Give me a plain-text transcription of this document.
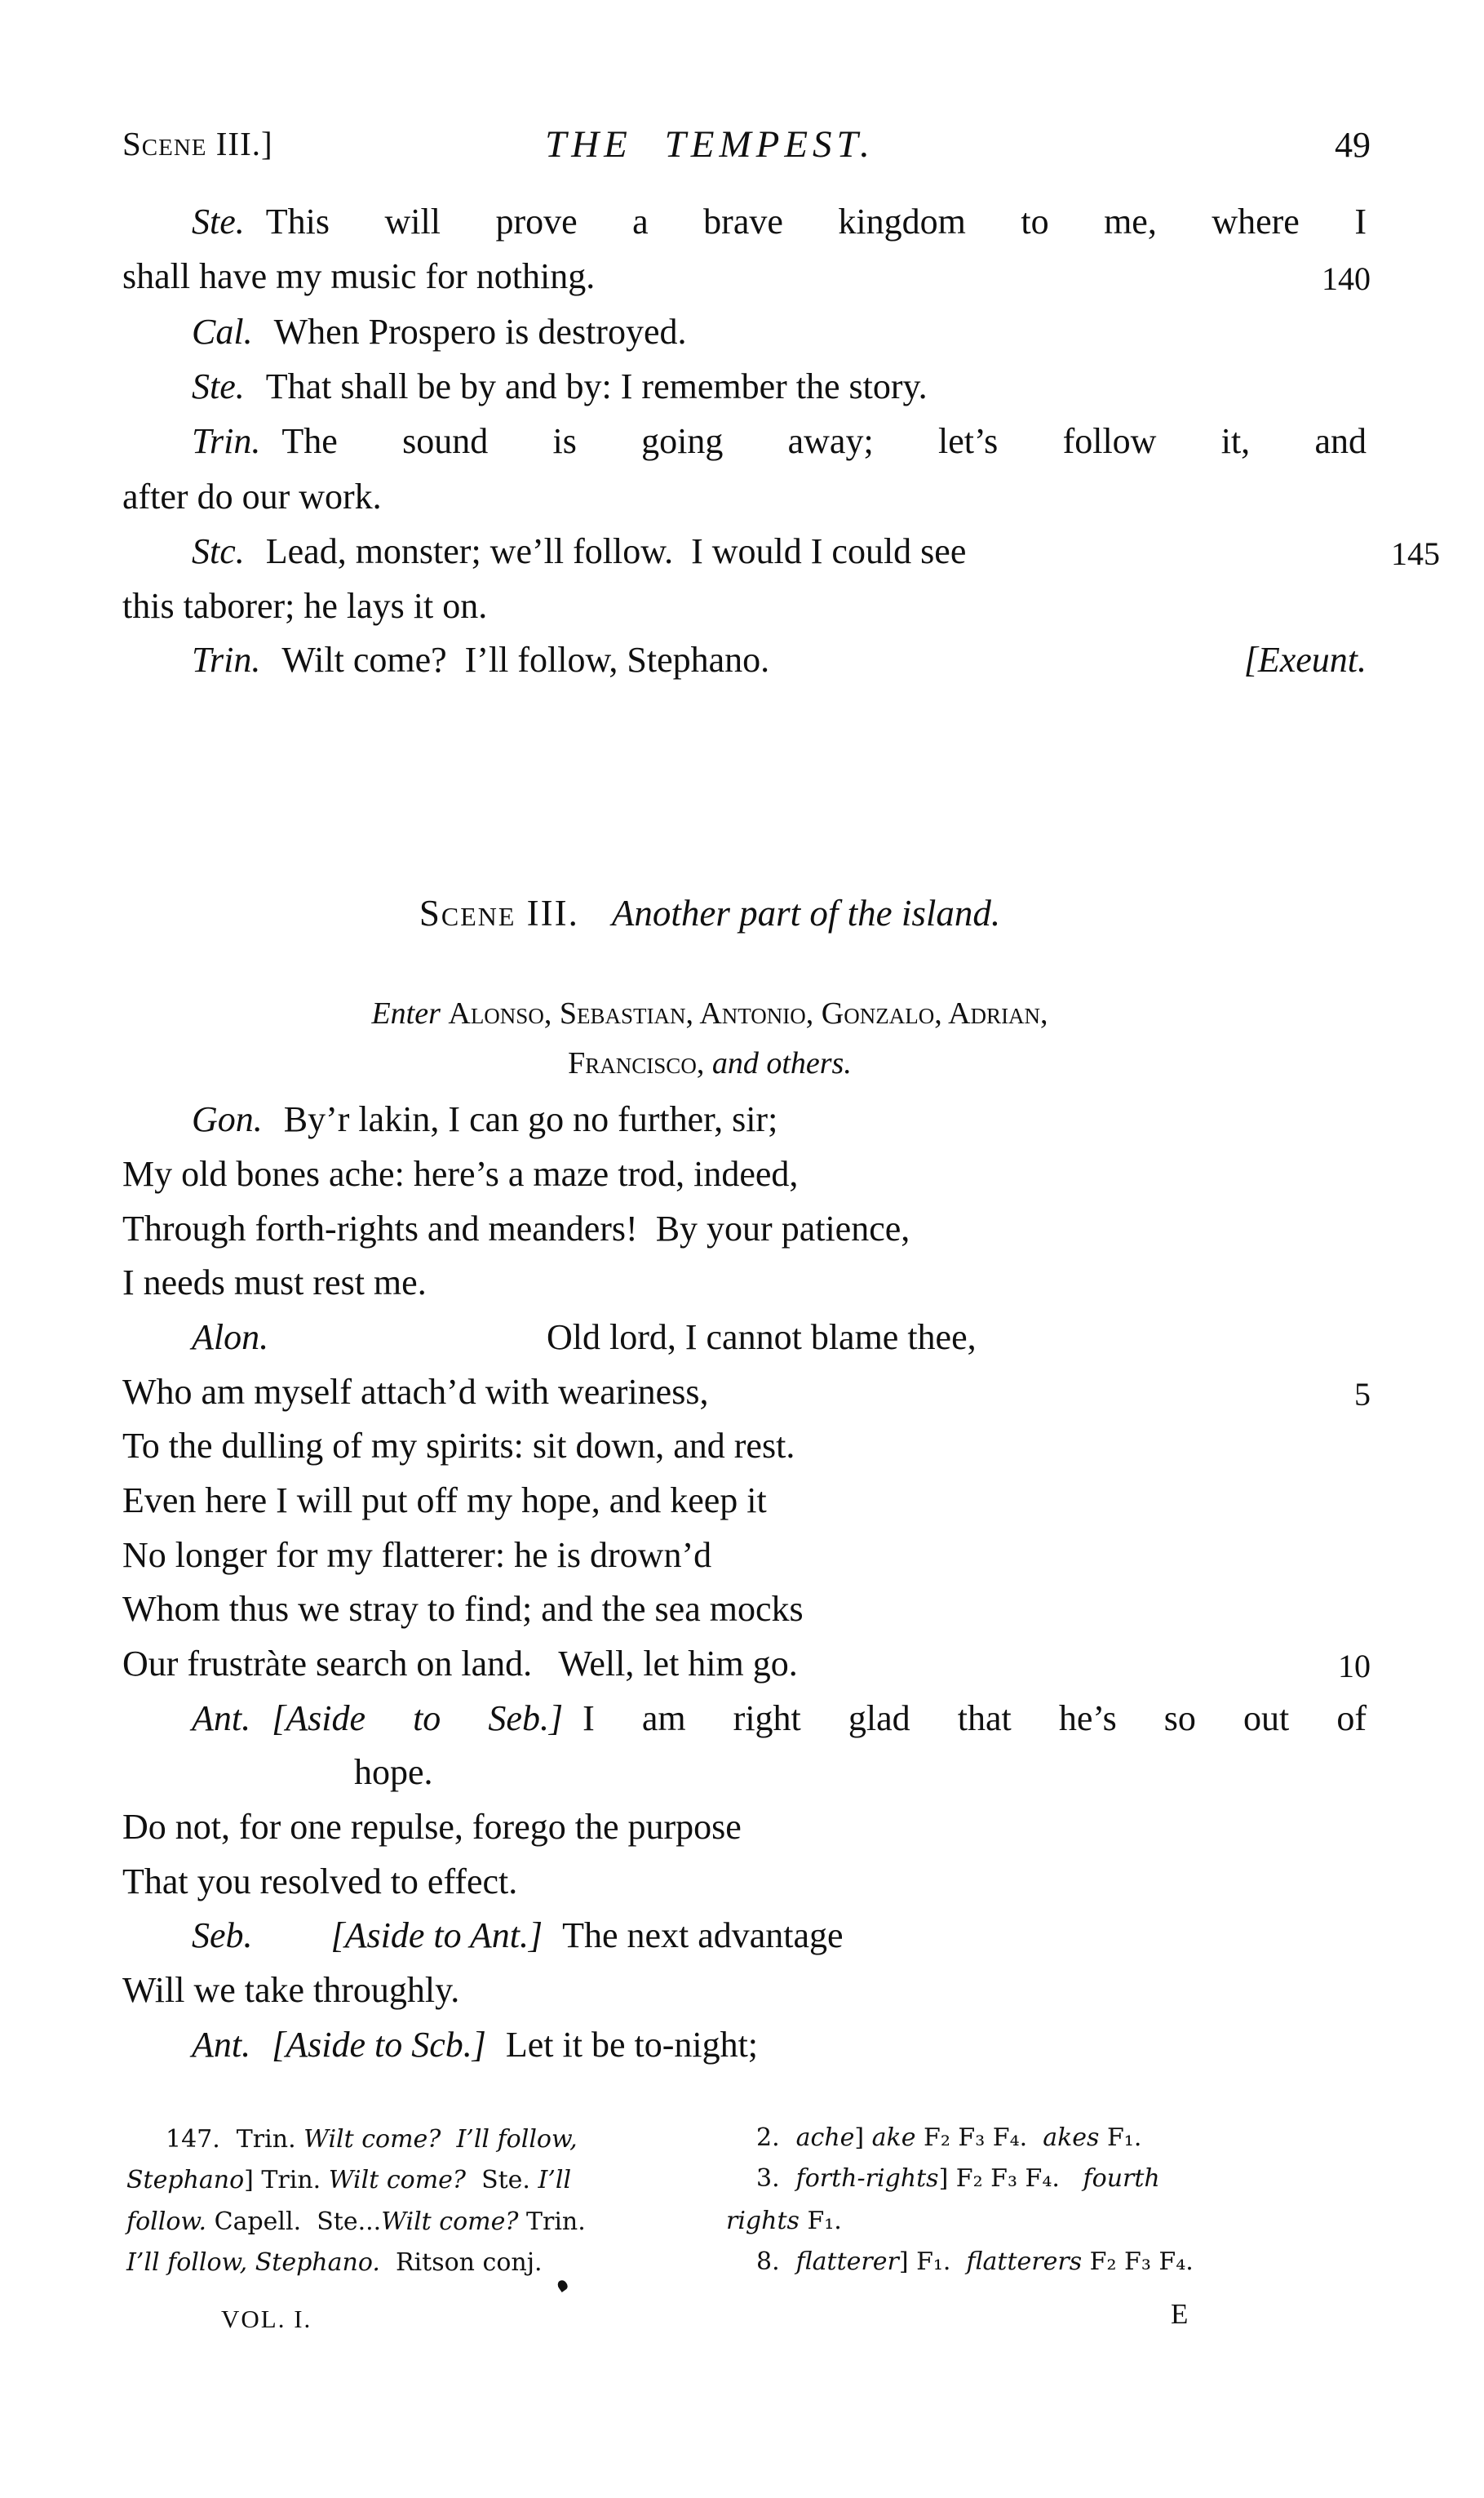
Scene III.]	THE TEMPEST.	49
Ste. This will prove a brave kingdom to me, where I
shall have my music for nothing.	140
Cal. When Prospero is destroyed.
Ste. That shall be by and by: I remember the story.
Trin. The sound is going away; let’s follow it, and
after do our work.
Stc. Lead, monster; we’ll follow.  I would I could see	145
this taborer; he lays it on.
Trin. Wilt come?  I’ll follow, Stephano.	[Exeunt.
Scene III. Another part of the island.
Enter Alonso, Sebastian, Antonio, Gonzalo, Adrian,
Francisco, and others.
Gon. By’r lakin, I can go no further, sir;
My old bones ache: here’s a maze trod, indeed,
Through forth-rights and meanders!  By your patience,
I needs must rest me.
Alon.	Old lord, I cannot blame thee,
Who am myself attach’d with weariness,	5
To the dulling of my spirits: sit down, and rest.
Even here I will put off my hope, and keep it
No longer for my flatterer: he is drown’d
Whom thus we stray to find; and the sea mocks
Our frustràte search on land.   Well, let him go.	10
Ant. [Aside to Seb.] I am right glad that he’s so out of
hope.
Do not, for one repulse, forego the purpose
That you resolved to effect.
Seb. [Aside to Ant.] The next advantage
Will we take throughly.
Ant. [Aside to Scb.] Let it be to-night;
147. Trin. Wilt come?  I’ll follow,
Stephano] Trin. Wilt come?  Ste. I’ll
follow. Capell.  Ste...Wilt come? Trin.
I’ll follow, Stephano.  Ritson conj.
2. ache] ake F₂ F₃ F₄.  akes F₁.
3. forth-rights] F₂ F₃ F₄.   fourth
rights F₁.
8. flatterer] F₁.  flatterers F₂ F₃ F₄.
VOL. I.	E
